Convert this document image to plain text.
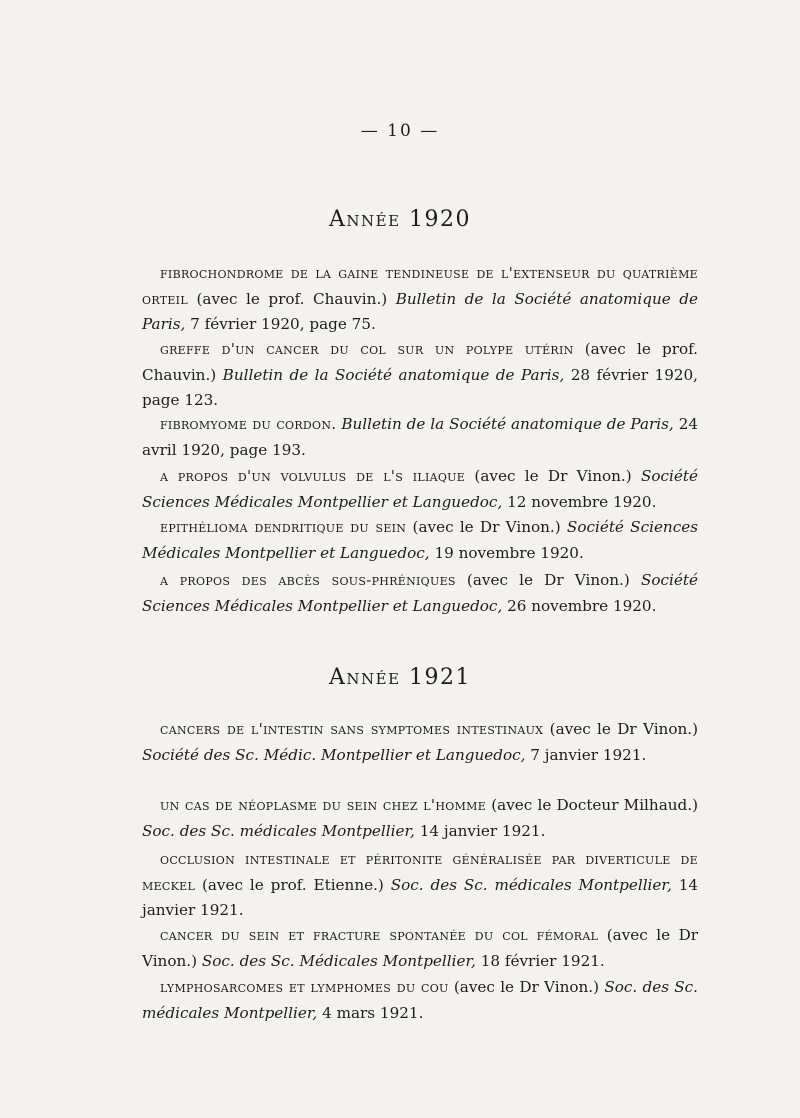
— 10 —
Année 1920

fibrochondrome de la gaine tendineuse de l'extenseur du quatrième orteil (avec le prof. Chauvin.) Bulletin de la Société anatomique de Paris, 7 février 1920, page 75.

greffe d'un cancer du col sur un polype utérin (avec le prof. Chauvin.) Bulletin de la Société anatomique de Paris, 28 février 1920, page 123.

fibromyome du cordon. Bulletin de la Société anatomique de Paris, 24 avril 1920, page 193.

a propos d'un volvulus de l's iliaque (avec le Dr Vinon.) Société Sciences Médicales Montpellier et Languedoc, 12 novembre 1920.

epithélioma dendritique du sein (avec le Dr Vinon.) Société Sciences Médicales Montpellier et Languedoc, 19 novembre 1920.

a propos des abcès sous-phréniques (avec le Dr Vinon.) Société Sciences Médicales Montpellier et Languedoc, 26 novembre 1920.

Année 1921

cancers de l'intestin sans symptomes intestinaux (avec le Dr Vinon.) Société des Sc. Médic. Montpellier et Languedoc, 7 janvier 1921.

un cas de néoplasme du sein chez l'homme (avec le Docteur Milhaud.) Soc. des Sc. médicales Montpellier, 14 janvier 1921.

occlusion intestinale et péritonite généralisée par diverticule de meckel (avec le prof. Etienne.) Soc. des Sc. médicales Montpellier, 14 janvier 1921.

cancer du sein et fracture spontanée du col fémoral (avec le Dr Vinon.) Soc. des Sc. Médicales Montpellier, 18 février 1921.

lymphosarcomes et lymphomes du cou (avec le Dr Vinon.) Soc. des Sc. médicales Montpellier, 4 mars 1921.
